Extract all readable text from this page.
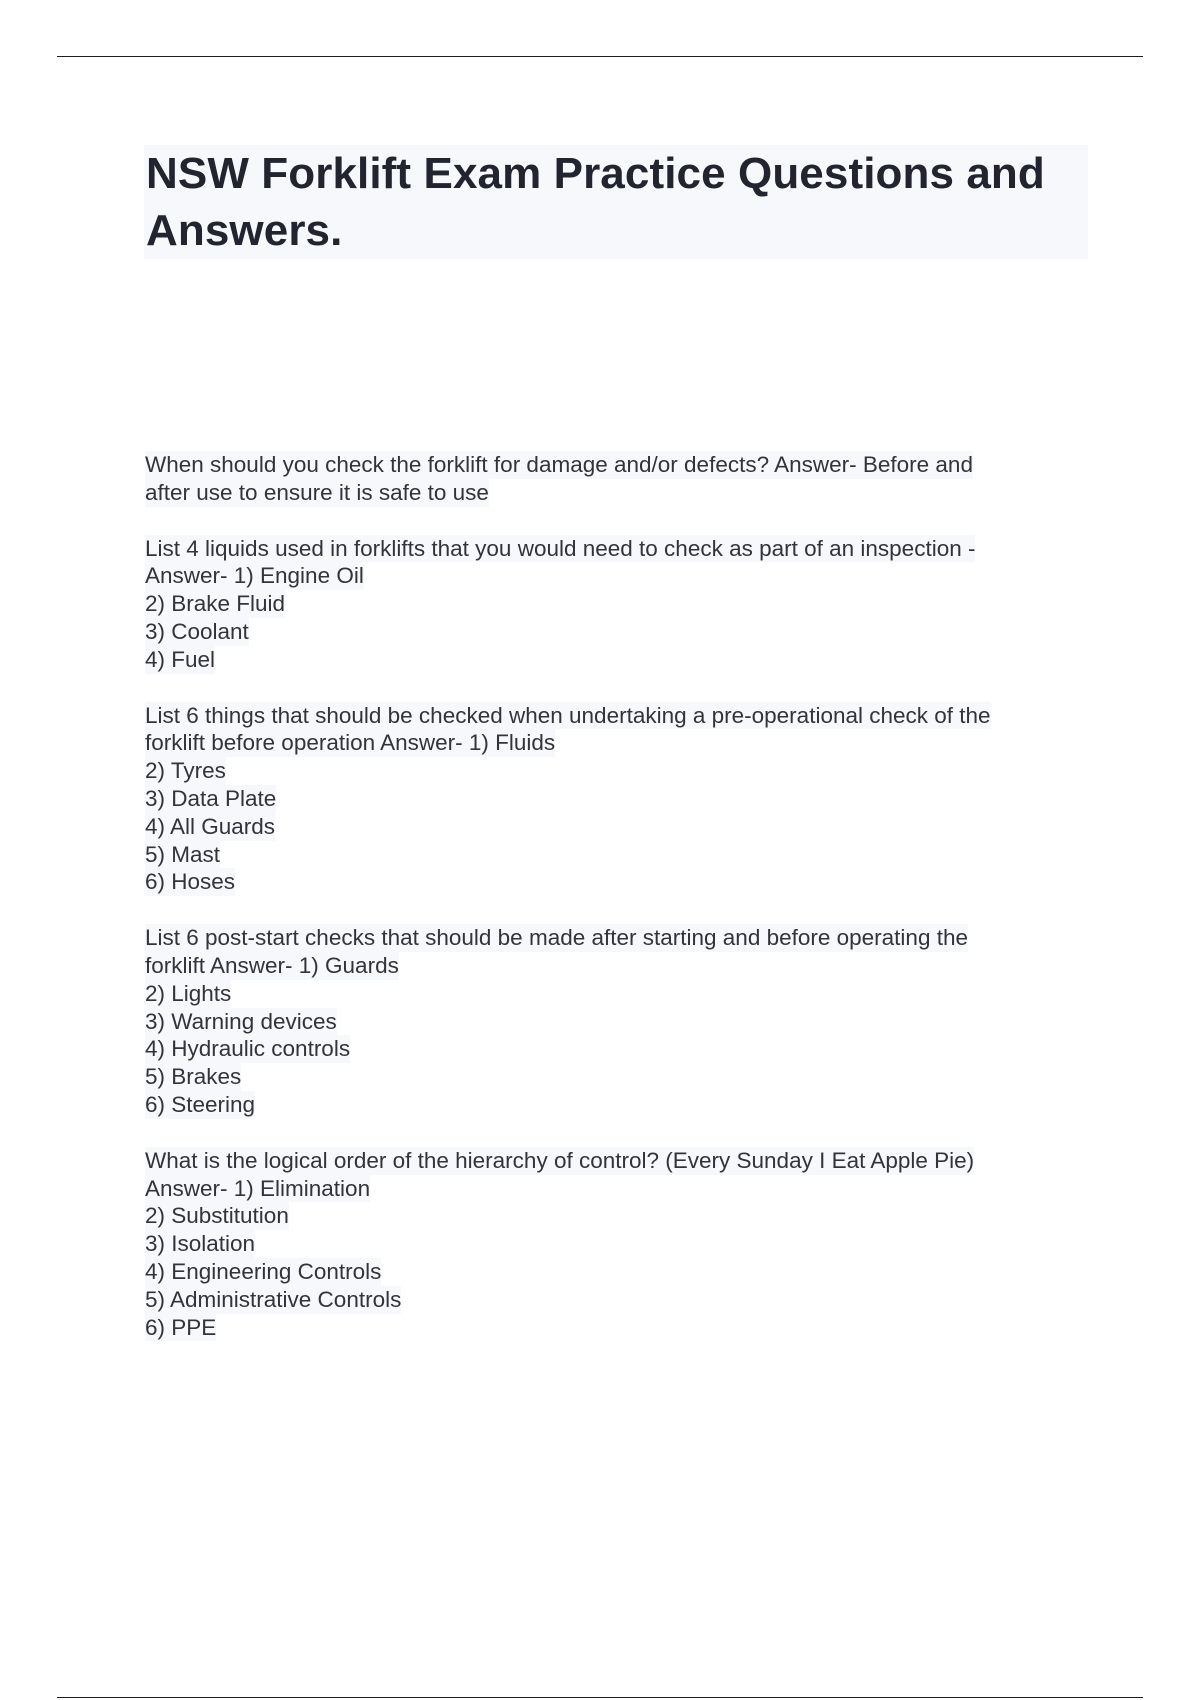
NSW Forklift Exam Practice Questions and Answers.
When should you check the forklift for damage and/or defects? Answer- Before and
after use to ensure it is safe to use
List 4 liquids used in forklifts that you would need to check as part of an inspection -
Answer- 1) Engine Oil
2) Brake Fluid
3) Coolant
4) Fuel
List 6 things that should be checked when undertaking a pre-operational check of the
forklift before operation Answer- 1) Fluids
2) Tyres
3) Data Plate
4) All Guards
5) Mast
6) Hoses
List 6 post-start checks that should be made after starting and before operating the
forklift Answer- 1) Guards
2) Lights
3) Warning devices
4) Hydraulic controls
5) Brakes
6) Steering
What is the logical order of the hierarchy of control? (Every Sunday I Eat Apple Pie)
Answer- 1) Elimination
2) Substitution
3) Isolation
4) Engineering Controls
5) Administrative Controls
6) PPE
